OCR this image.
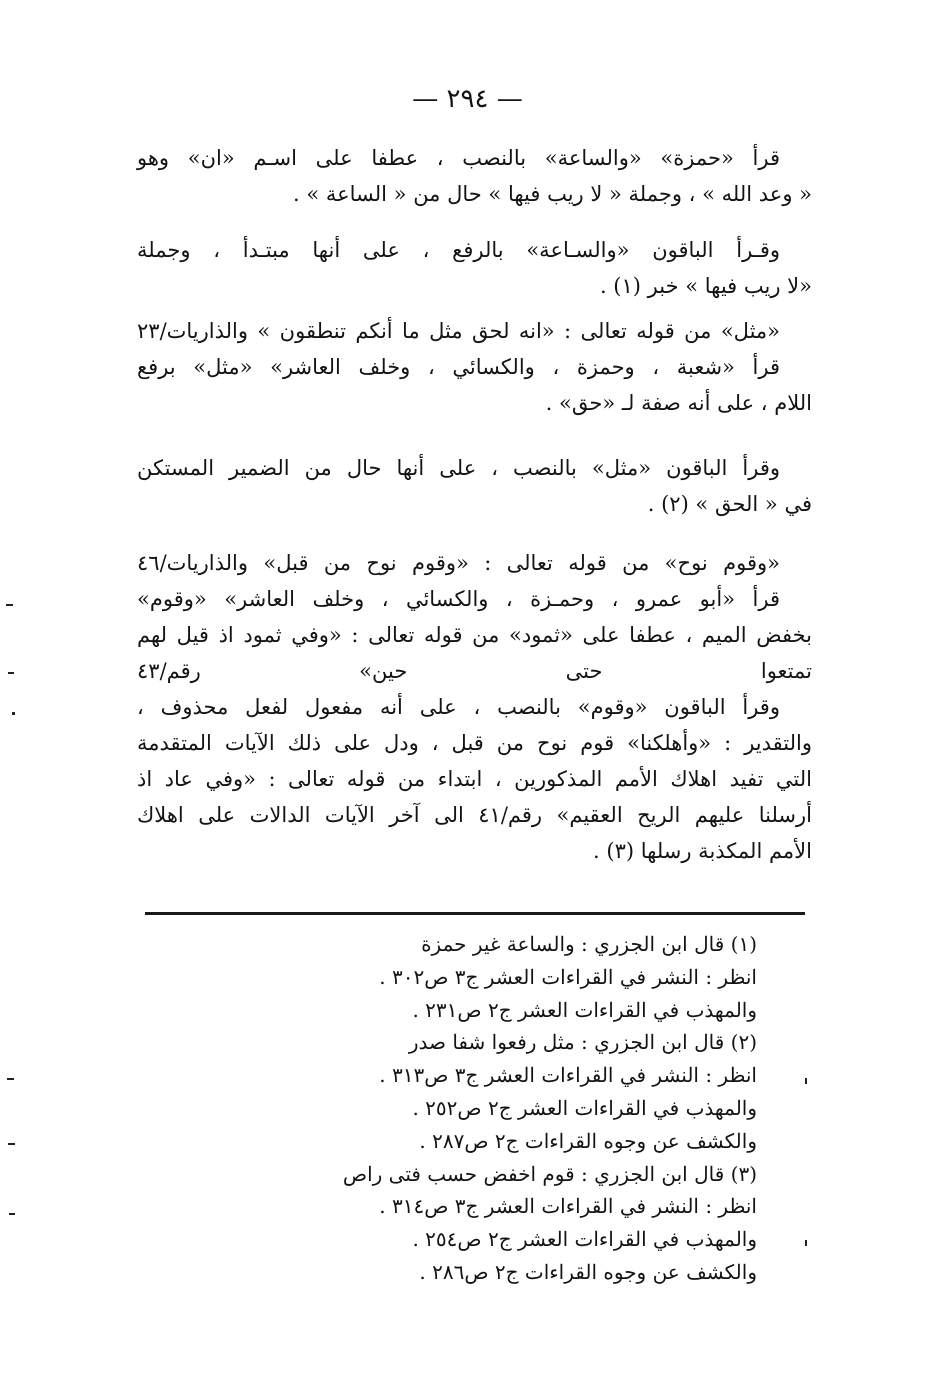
— ٢٩٤ —
قرأ «حمزة» «والساعة» بالنصب ، عطفا على اسـم «ان» وهو
« وعد الله » ، وجملة « لا ريب فيها » حال من « الساعة » .
وقـرأ الباقون «والسـاعة» بالرفع ، على أنها مبتـدأ ، وجملة
«لا ريب فيها » خبر (١) .
«مثل» من قوله تعالى : «انه لحق مثل ما أنكم تنطقون » والذاريات/٢٣
قرأ «شعبة ، وحمزة ، والكسائي ، وخلف العاشر» «مثل» برفع
اللام ، على أنه صفة لـ «حق» .
وقرأ الباقون «مثل» بالنصب ، على أنها حال من الضمير المستكن
في « الحق » (٢) .
«وقوم نوح» من قوله تعالى : «وقوم نوح من قبل» والذاريات/٤٦
قرأ «أبو عمرو ، وحمـزة ، والكسائي ، وخلف العاشر» «وقوم»
بخفض الميم ، عطفا على «ثمود» من قوله تعالى : «وفي ثمود اذ قيل لهم
تمتعوا حتى حين» رقم/٤٣
وقرأ الباقون «وقوم» بالنصب ، على أنه مفعول لفعل محذوف ،
والتقدير : «وأهلكنا» قوم نوح من قبل ، ودل على ذلك الآيات المتقدمة
التي تفيد اهلاك الأمم المذكورين ، ابتداء من قوله تعالى : «وفي عاد اذ
أرسلنا عليهم الريح العقيم» رقم/٤١ الى آخر الآيات الدالات على اهلاك
الأمم المكذبة رسلها (٣) .
(١) قال ابن الجزري : والساعة غير حمزة
انظر : النشر في القراءات العشر ج٣ ص٣٠٢ .
والمهذب في القراءات العشر ج٢ ص٢٣١ .
(٢) قال ابن الجزري : مثل رفعوا شفا صدر
انظر : النشر في القراءات العشر ج٣ ص٣١٣ .
والمهذب في القراءات العشر ج٢ ص٢٥٢ .
والكشف عن وجوه القراءات ج٢ ص٢٨٧ .
(٣) قال ابن الجزري : قوم اخفض حسب فتى راص
انظر : النشر في القراءات العشر ج٣ ص٣١٤ .
والمهذب في القراءات العشر ج٢ ص٢٥٤ .
والكشف عن وجوه القراءات ج٢ ص٢٨٦ .
